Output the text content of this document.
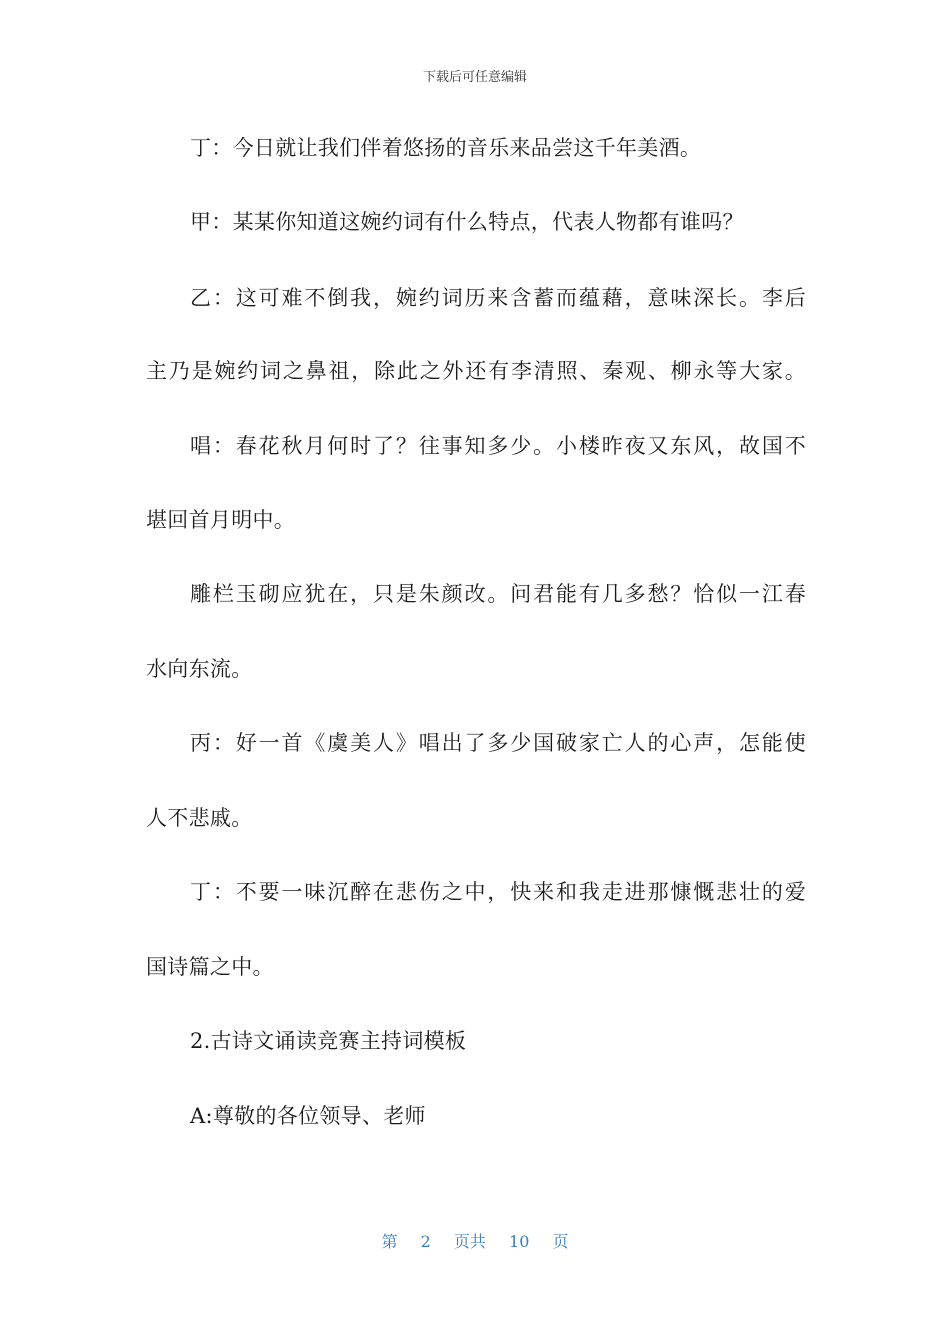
下载后可任意编辑
丁：今日就让我们伴着悠扬的音乐来品尝这千年美酒。
甲：某某你知道这婉约词有什么特点，代表人物都有谁吗？
乙：这可难不倒我，婉约词历来含蓄而蕴藉，意味深长。李后
主乃是婉约词之鼻祖，除此之外还有李清照、秦观、柳永等大家。
唱：春花秋月何时了？往事知多少。小楼昨夜又东风，故国不
堪回首月明中。
雕栏玉砌应犹在，只是朱颜改。问君能有几多愁？恰似一江春
水向东流。
丙：好一首《虞美人》唱出了多少国破家亡人的心声，怎能使
人不悲戚。
丁：不要一味沉醉在悲伤之中，快来和我走进那慷慨悲壮的爱
国诗篇之中。
2.古诗文诵读竞赛主持词模板
A:尊敬的各位领导、老师
第 2 页共 10 页
